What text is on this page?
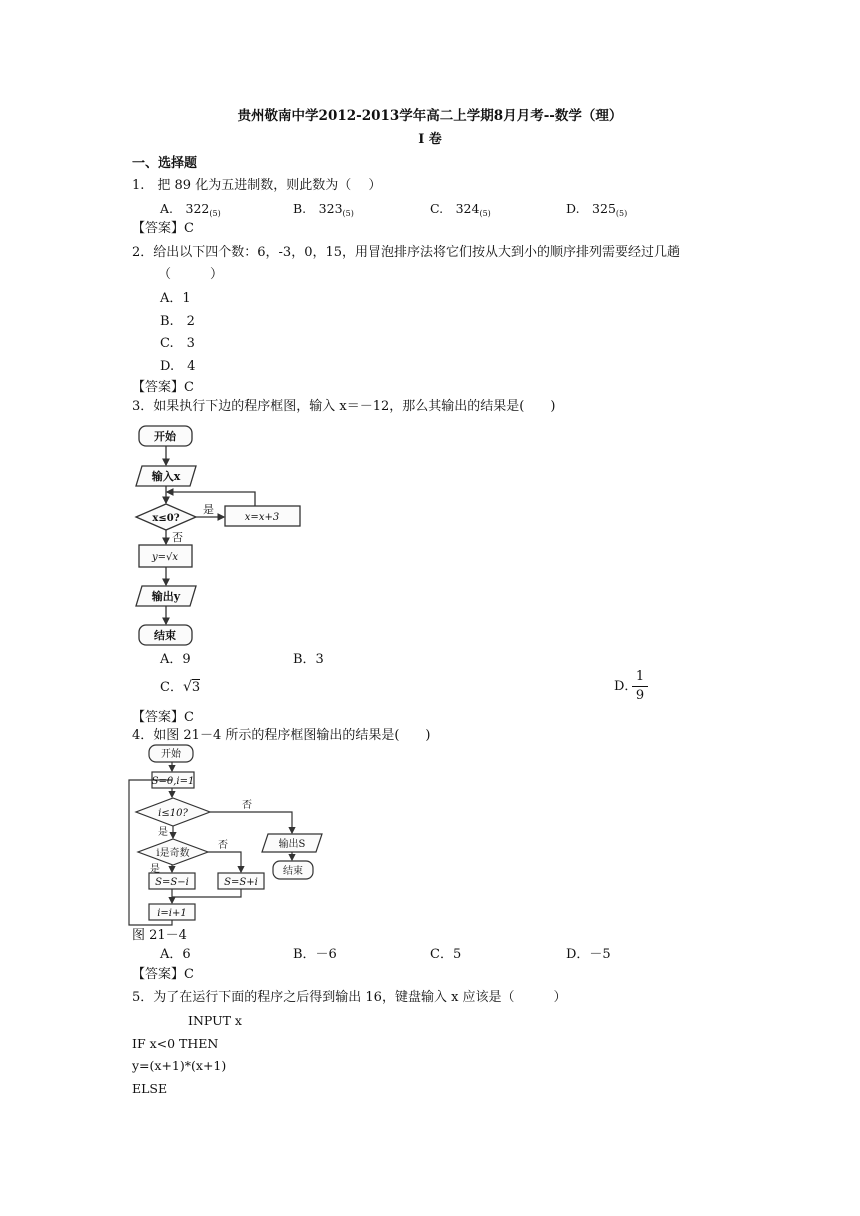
贵州敬南中学2012-2013学年高二上学期8月月考--数学（理）
I 卷
一、选择题
1.　把 89 化为五进制数，则此数为（　 ）
A.　$322_{(5)}$	B.　$323_{(5)}$	C.　$324_{(5)}$	D.　$325_{(5)}$
【答案】C
2．给出以下四个数：6，-3，0，15，用冒泡排序法将它们按从大到小的顺序排列需要经过几趟
（　　　）
A．1
B.　2
C.　3
D.　4
【答案】C
3．如果执行下边的程序框图，输入 x＝－12，那么其输出的结果是(　　)
开始
输入x
x≤0?
是
x=x+3
否
y=√x
输出y
结束
A．9	B．3
C．√3	D．
1
9
【答案】C
4．如图 21－4 所示的程序框图输出的结果是(　　)
开始
S=0,i=1
i≤10?
否
是
i是奇数
否
是
S=S−i	S=S+i
i=i+1
输出S
结束
图 21－4
A．6	B．－6	C．5	D．－5
【答案】C
5．为了在运行下面的程序之后得到输出 16，键盘输入 x 应该是（　　　）
INPUT x
IF x<0 THEN
y=(x+1)*(x+1)
ELSE
